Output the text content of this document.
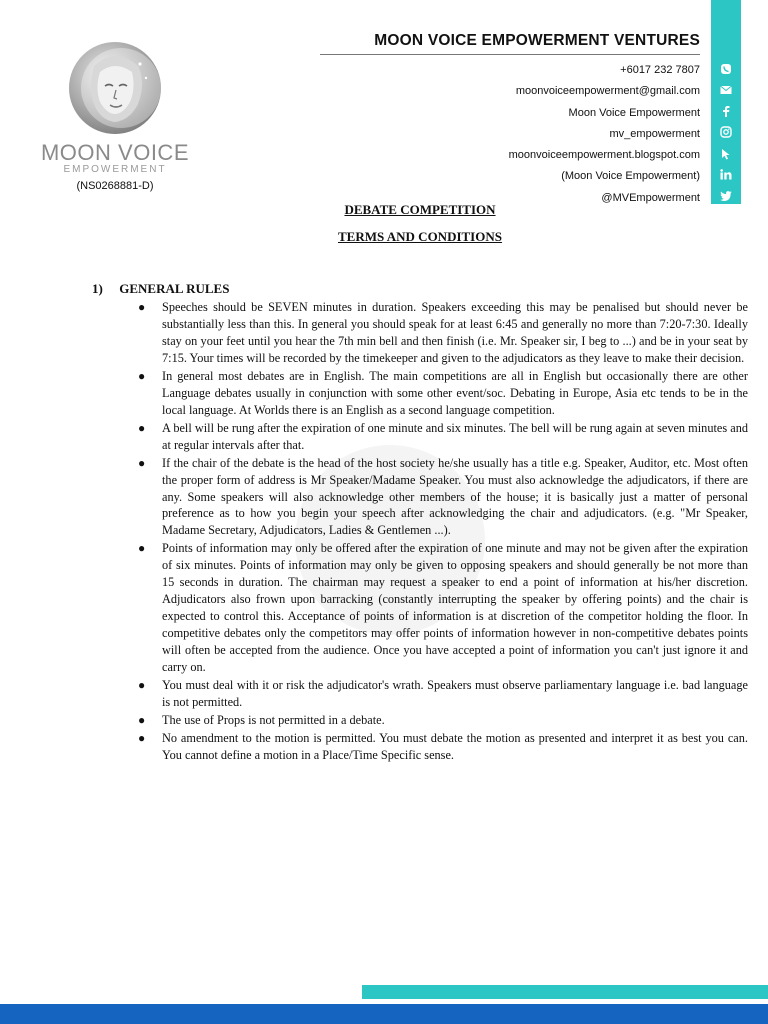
MOON VOICE
EMPOWERMENT
(NS0268881-D)
MOON VOICE EMPOWERMENT VENTURES
+6017 232 7807
moonvoiceempowerment@gmail.com
Moon Voice Empowerment
mv_empowerment
moonvoiceempowerment.blogspot.com
(Moon Voice Empowerment)
@MVEmpowerment
DEBATE COMPETITION
TERMS AND CONDITIONS
1) GENERAL RULES
● Speeches should be SEVEN minutes in duration. Speakers exceeding this may be penalised but should never be substantially less than this. In general you should speak for at least 6:45 and generally no more than 7:20-7:30. Ideally stay on your feet until you hear the 7th min bell and then finish (i.e. Mr. Speaker sir, I beg to ...) and be in your seat by 7:15. Your times will be recorded by the timekeeper and given to the adjudicators as they leave to make their decision.
● In general most debates are in English. The main competitions are all in English but occasionally there are other Language debates usually in conjunction with some other event/soc. Debating in Europe, Asia etc tends to be in the local language. At Worlds there is an English as a second language competition.
● A bell will be rung after the expiration of one minute and six minutes. The bell will be rung again at seven minutes and at regular intervals after that.
● If the chair of the debate is the head of the host society he/she usually has a title e.g. Speaker, Auditor, etc. Most often the proper form of address is Mr Speaker/Madame Speaker. You must also acknowledge the adjudicators, if there are any. Some speakers will also acknowledge other members of the house; it is basically just a matter of personal preference as to how you begin your speech after acknowledging the chair and adjudicators. (e.g. "Mr Speaker, Madame Secretary, Adjudicators, Ladies & Gentlemen ...).
● Points of information may only be offered after the expiration of one minute and may not be given after the expiration of six minutes. Points of information may only be given to opposing speakers and should generally be not more than 15 seconds in duration. The chairman may request a speaker to end a point of information at his/her discretion. Adjudicators also frown upon barracking (constantly interrupting the speaker by offering points) and the chair is expected to control this. Acceptance of points of information is at discretion of the competitor holding the floor. In competitive debates only the competitors may offer points of information however in non-competitive debates points will often be accepted from the audience. Once you have accepted a point of information you can't just ignore it and carry on.
● You must deal with it or risk the adjudicator's wrath. Speakers must observe parliamentary language i.e. bad language is not permitted.
● The use of Props is not permitted in a debate.
● No amendment to the motion is permitted. You must debate the motion as presented and interpret it as best you can. You cannot define a motion in a Place/Time Specific sense.
